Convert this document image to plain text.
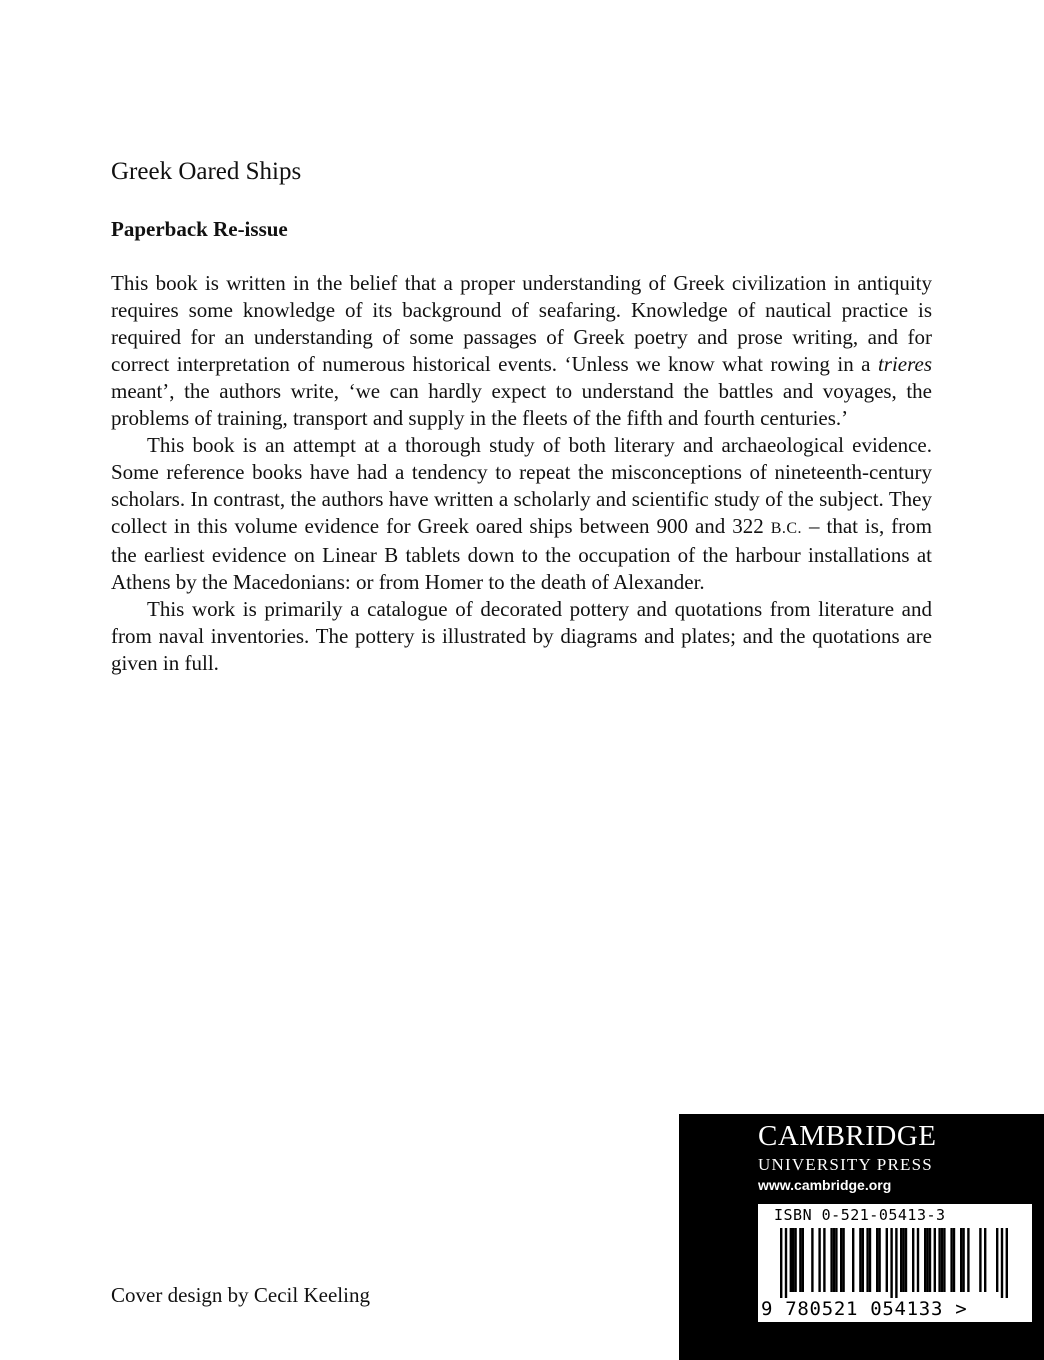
Greek Oared Ships
Paperback Re-issue

This book is written in the belief that a proper understanding of Greek civilization in antiquity requires some knowledge of its background of seafaring. Knowledge of nautical practice is required for an understanding of some passages of Greek poetry and prose writing, and for correct interpretation of numerous historical events. ‘Unless we know what rowing in a trieres meant’, the authors write, ‘we can hardly expect to understand the battles and voyages, the problems of training, transport and supply in the fleets of the fifth and fourth centuries.’

This book is an attempt at a thorough study of both literary and archaeological evidence. Some reference books have had a tendency to repeat the misconceptions of nineteenth-century scholars. In contrast, the authors have written a scholarly and scientific study of the subject. They collect in this volume evidence for Greek oared ships between 900 and 322 B.C. – that is, from the earliest evidence on Linear B tablets down to the occupation of the harbour installations at Athens by the Macedonians: or from Homer to the death of Alexander.

This work is primarily a catalogue of decorated pottery and quotations from literature and from naval inventories. The pottery is illustrated by diagrams and plates; and the quotations are given in full.

Cover design by Cecil Keeling
CAMBRIDGE
UNIVERSITY PRESS
www.cambridge.org
ISBN 0-521-05413-3
9 780521 054133 >
